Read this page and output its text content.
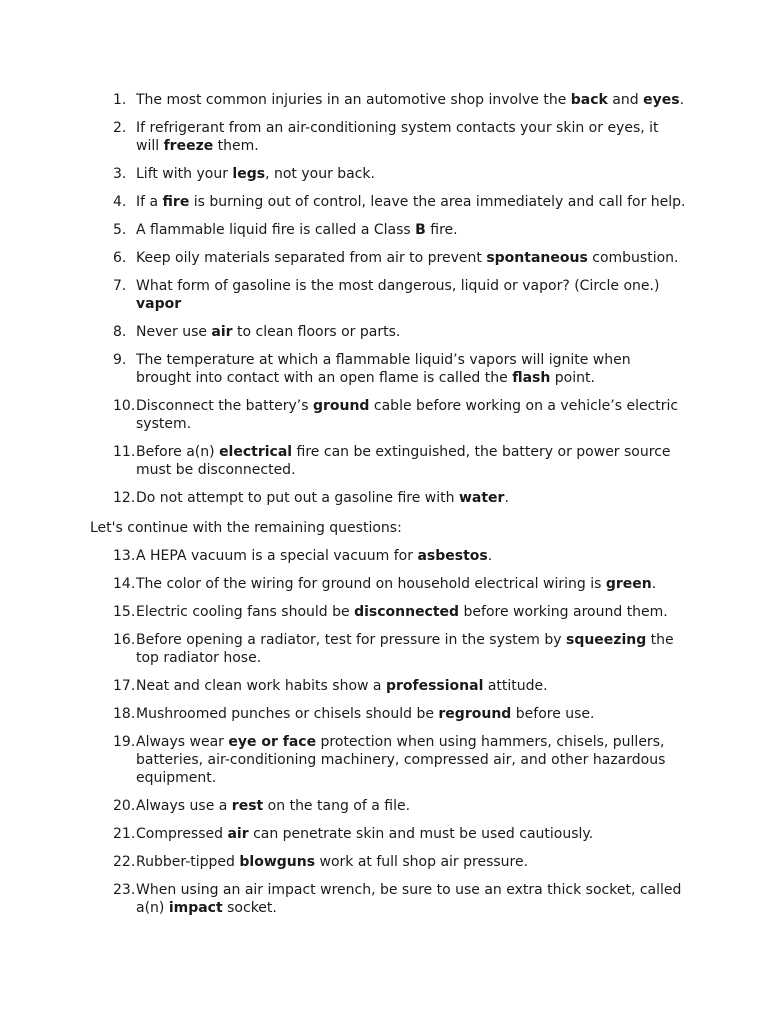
1. The most common injuries in an automotive shop involve the back and eyes.
2. If refrigerant from an air-conditioning system contacts your skin or eyes, it will freeze them.
3. Lift with your legs, not your back.
4. If a fire is burning out of control, leave the area immediately and call for help.
5. A flammable liquid fire is called a Class B fire.
6. Keep oily materials separated from air to prevent spontaneous combustion.
7. What form of gasoline is the most dangerous, liquid or vapor? (Circle one.)
vapor
8. Never use air to clean floors or parts.
9. The temperature at which a flammable liquid’s vapors will ignite when brought into contact with an open flame is called the flash point.
10. Disconnect the battery’s ground cable before working on a vehicle’s electric system.
11. Before a(n) electrical fire can be extinguished, the battery or power source must be disconnected.
12. Do not attempt to put out a gasoline fire with water.

Let's continue with the remaining questions:

13. A HEPA vacuum is a special vacuum for asbestos.
14. The color of the wiring for ground on household electrical wiring is green.
15. Electric cooling fans should be disconnected before working around them.
16. Before opening a radiator, test for pressure in the system by squeezing the top radiator hose.
17. Neat and clean work habits show a professional attitude.
18. Mushroomed punches or chisels should be reground before use.
19. Always wear eye or face protection when using hammers, chisels, pullers, batteries, air-conditioning machinery, compressed air, and other hazardous equipment.
20. Always use a rest on the tang of a file.
21. Compressed air can penetrate skin and must be used cautiously.
22. Rubber-tipped blowguns work at full shop air pressure.
23. When using an air impact wrench, be sure to use an extra thick socket, called a(n) impact socket.
